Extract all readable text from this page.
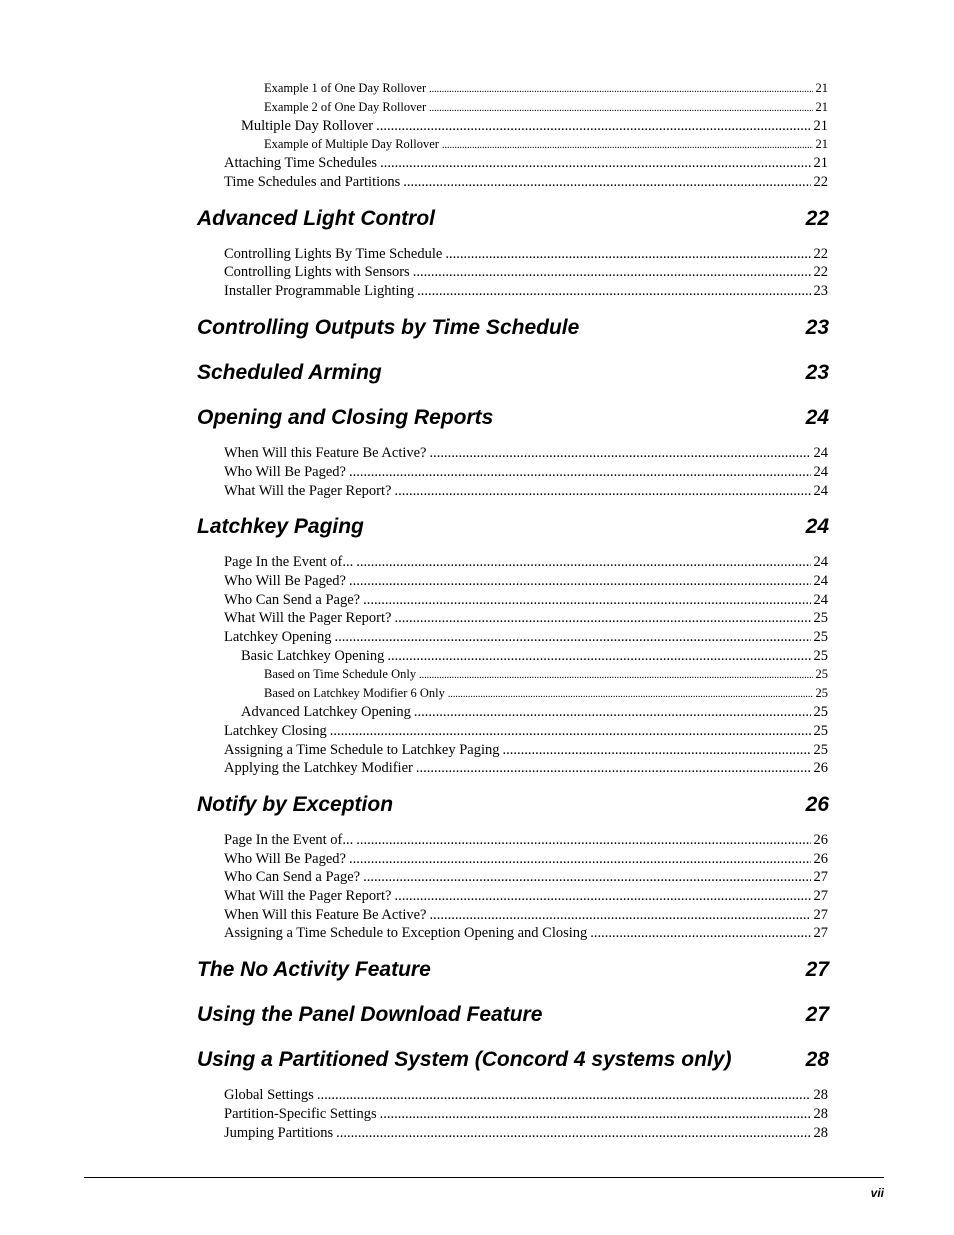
Example 1 of One Day Rollover .....	21
Example 2 of One Day Rollover .....	21
Multiple Day Rollover .....	21
Example of Multiple Day Rollover .....	21
Attaching Time Schedules .....	21
Time Schedules and Partitions .....	22
Advanced Light Control	22
Controlling Lights By Time Schedule .....	22
Controlling Lights with Sensors .....	22
Installer Programmable Lighting .....	23
Controlling Outputs by Time Schedule	23
Scheduled Arming	23
Opening and Closing Reports	24
When Will this Feature Be Active? .....	24
Who Will Be Paged? .....	24
What Will the Pager Report? .....	24
Latchkey Paging	24
Page In the Event of... .....	24
Who Will Be Paged? .....	24
Who Can Send a Page? .....	24
What Will the Pager Report? .....	25
Latchkey Opening .....	25
Basic Latchkey Opening .....	25
Based on Time Schedule Only .....	25
Based on Latchkey Modifier 6 Only .....	25
Advanced Latchkey Opening .....	25
Latchkey Closing .....	25
Assigning a Time Schedule to Latchkey Paging .....	25
Applying the Latchkey Modifier .....	26
Notify by Exception	26
Page In the Event of... .....	26
Who Will Be Paged? .....	26
Who Can Send a Page? .....	27
What Will the Pager Report? .....	27
When Will this Feature Be Active? .....	27
Assigning a Time Schedule to Exception Opening and Closing .....	27
The No Activity Feature	27
Using the Panel Download Feature	27
Using a Partitioned System (Concord 4 systems only)	28
Global Settings .....	28
Partition-Specific Settings .....	28
Jumping Partitions .....	28
vii
